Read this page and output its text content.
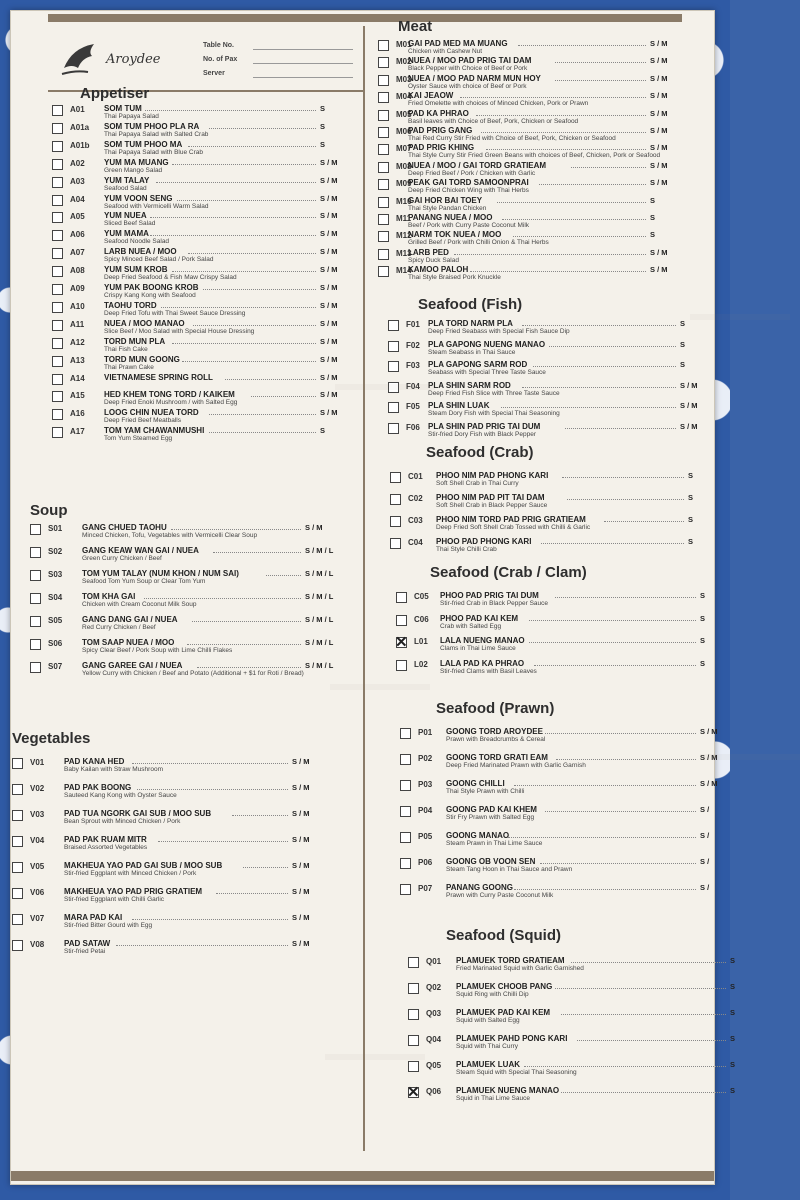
Aroydee
Table No.
No. of Pax
Server
Appetiser
A01 SOM TUM
Thai Papaya Salad
S
A01a SOM TUM PHOO PLA RA
Thai Papaya Salad with Salted Crab
S
A01b SOM TUM PHOO MA
Thai Papaya Salad with Blue Crab
S
A02 YUM MA MUANG
Green Mango Salad
S / M
A03 YUM TALAY
Seafood Salad
S / M
A04 YUM VOON SENG
Seafood with Vermicelli Warm Salad
S / M
A05 YUM NUEA
Sliced Beef Salad
S / M
A06 YUM MAMA
Seafood Noodle Salad
S / M
A07 LARB NUEA / MOO
Spicy Minced Beef Salad / Pork Salad
S / M
A08 YUM SUM KROB
Deep Fried Seafood & Fish Maw Crispy Salad
S / M
A09 YUM PAK BOONG KROB
Crispy Kang Kong with Seafood
S / M
A10 TAOHU TORD
Deep Fried Tofu with Thai Sweet Sauce Dressing
S / M
A11 NUEA / MOO MANAO
Slice Beef / Moo Salad with Special House Dressing
S / M
A12 TORD MUN PLA
Thai Fish Cake
S / M
A13 TORD MUN GOONG
Thai Prawn Cake
S / M
A14 VIETNAMESE SPRING ROLL	S / M
A15 HED KHEM TONG TORD / KAIKEM
Deep Fried Enoki Mushroom / with Salted Egg
S / M
A16 LOOG CHIN NUEA TORD
Deep Fried Beef Meatballs
S / M
A17 TOM YAM CHAWANMUSHI
Tom Yum Steamed Egg
S
Soup
S01 GANG CHUED TAOHU
Minced Chicken, Tofu, Vegetables with Vermicelli Clear Soup
S / M
S02 GANG KEAW WAN GAI / NUEA
Green Curry Chicken / Beef
S / M / L
S03 TOM YUM TALAY (NUM KHON / NUM SAI)
Seafood Tom Yum Soup or Clear Tom Yum
S / M / L
S04 TOM KHA GAI
Chicken with Cream Coconut Milk Soup
S / M / L
S05 GANG DANG GAI / NUEA
Red Curry Chicken / Beef
S / M / L
S06 TOM SAAP NUEA / MOO
Spicy Clear Beef / Pork Soup with Lime Chilli Flakes
S / M / L
S07 GANG GAREE GAI / NUEA
Yellow Curry with Chicken / Beef and Potato (Additional + $1 for Roti / Bread)
S / M / L
Vegetables
V01 PAD KANA HED
Baby Kailan with Straw Mushroom
S / M
V02 PAD PAK BOONG
Sauteed Kang Kong with Oyster Sauce
S / M
V03 PAD TUA NGORK GAI SUB / MOO SUB
Bean Sprout with Minced Chicken / Pork
S / M
V04 PAD PAK RUAM MITR
Braised Assorted Vegetables
S / M
V05 MAKHEUA YAO PAD GAI SUB / MOO SUB
Stir-fried Eggplant with Minced Chicken / Pork
S / M
V06 MAKHEUA YAO PAD PRIG GRATIEM
Stir-fried Eggplant with Chilli Garlic
S / M
V07 MARA PAD KAI
Stir-fried Bitter Gourd with Egg
S / M
V08 PAD SATAW
Stir-fried Petai
S / M
Meat
M01
GAI PAD MED MA MUANG
Chicken with Cashew Nut
S / M
M02
NUEA / MOO PAD PRIG TAI DAM
Black Pepper with Choice of Beef or Pork
S / M
M03
NUEA / MOO PAD NARM MUN HOY
Oyster Sauce with choice of Beef or Pork
S / M
M04
KAI JEAOW
Fried Omelette with choices of Minced Chicken, Pork or Prawn
S / M
M05
PAD KA PHRAO
Basil leaves with Choice of Beef, Pork, Chicken or Seafood
S / M
M06
PAD PRIG GANG
Thai Red Curry Stir Fried with Choice of Beef, Pork, Chicken or Seafood
S / M
M07
PAD PRIG KHING
Thai Style Curry Stir Fried Green Beans with choices of Beef, Chicken, Pork or Seafood
S / M
M08
NUEA / MOO / GAI TORD GRATIEAM
Deep Fried Beef / Pork / Chicken with Garlic
S / M
M09
PEAK GAI TORD SAMOONPRAI
Deep Fried Chicken Wing with Thai Herbs
S / M
M10
GAI HOR BAI TOEY
Thai Style Pandan Chicken
S
M11
PANANG NUEA / MOO
Beef / Pork with Curry Paste Coconut Milk
S
M12
NARM TOK NUEA / MOO
Grilled Beef / Pork with Chilli Onion & Thai Herbs
S
M13
LARB PED
Spicy Duck Salad
S / M
M14
KAMOO PALOH
Thai Style Braised Pork Knuckle
S / M
Seafood (Fish)
F01 PLA TORD NARM PLA
Deep Fried Seabass with Special Fish Sauce Dip
S
F02 PLA GAPONG NUENG MANAO
Steam Seabass in Thai Sauce
S
F03 PLA GAPONG SARM ROD
Seabass with Special Three Taste Sauce
S
F04 PLA SHIN SARM ROD
Deep Fried Fish Slice with Three Taste Sauce
S / M
F05 PLA SHIN LUAK
Steam Dory Fish with Special Thai Seasoning
S / M
F06 PLA SHIN PAD PRIG TAI DUM
Stir-fried Dory Fish with Black Pepper
S / M
Seafood (Crab)
C01 PHOO NIM PAD PHONG KARI
Soft Shell Crab in Thai Curry
S
C02 PHOO NIM PAD PIT TAI DAM
Soft Shell Crab in Black Pepper Sauce
S
C03 PHOO NIM TORD PAD PRIG GRATIEAM
Deep Fried Soft Shell Crab Tossed with Chilli & Garlic
S
C04 PHOO PAD PHONG KARI
Thai Style Chilli Crab
S
Seafood (Crab / Clam)
C05 PHOO PAD PRIG TAI DUM
Stir-fried Crab in Black Pepper Sauce
S
C06 PHOO PAD KAI KEM
Crab with Salted Egg
S
✕
L01 LALA NUENG MANAO
Clams in Thai Lime Sauce
S
L02 LALA PAD KA PHRAO
Stir-fried Clams with Basil Leaves
S
Seafood (Prawn)
P01 GOONG TORD AROYDEE
Prawn with Breadcrumbs & Cereal
S / M
P02 GOONG TORD GRATI EAM
Deep Fried Marinated Prawn with Garlic Garnish
S / M
P03 GOONG CHILLI
Thai Style Prawn with Chilli
S / M
P04 GOONG PAD KAI KHEM
Stir Fry Prawn with Salted Egg
S /
P05 GOONG MANAO
Steam Prawn in Thai Lime Sauce
S /
P06 GOONG OB VOON SEN
Steam Tang Hoon in Thai Sauce and Prawn
S /
P07 PANANG GOONG
Prawn with Curry Paste Coconut Milk
S /
Seafood (Squid)
Q01 PLAMUEK TORD GRATIEAM
Fried Marinated Squid with Garlic Garnished
S
Q02 PLAMUEK CHOOB PANG
Squid Ring with Chilli Dip
S
Q03 PLAMUEK PAD KAI KEM
Squid with Salted Egg
S
Q04 PLAMUEK PAHD PONG KARI
Squid with Thai Curry
S
Q05 PLAMUEK LUAK
Steam Squid with Special Thai Seasoning
S
✕
Q06 PLAMUEK NUENG MANAO
Squid in Thai Lime Sauce
S
